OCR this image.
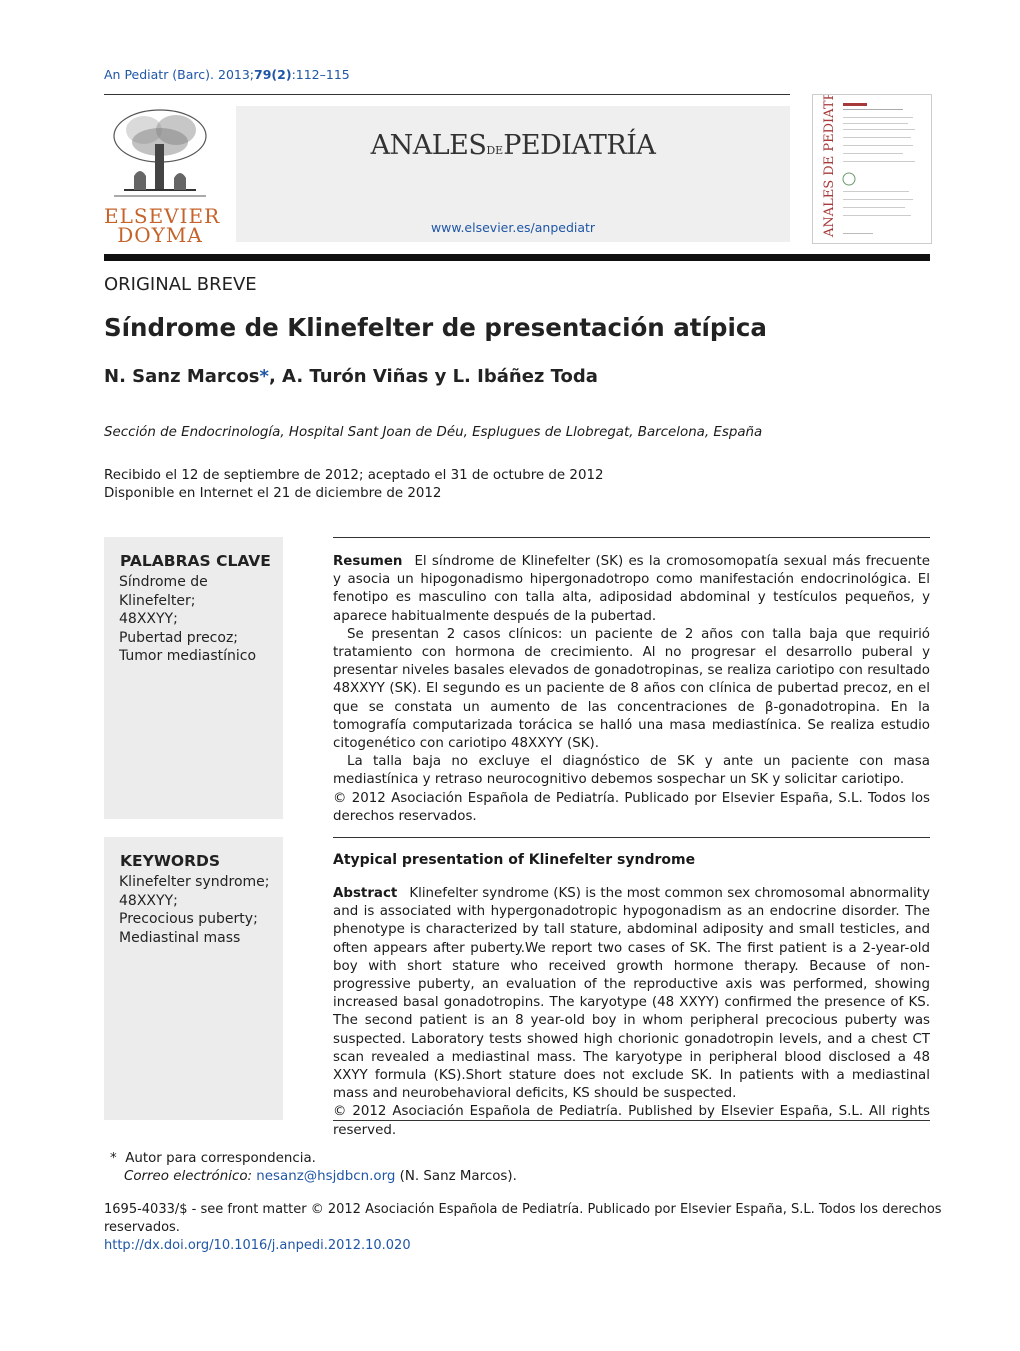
An Pediatr (Barc). 2013;79(2):112–115
ELSEVIER
DOYMA
ANALESDEPEDIATRÍA
www.elsevier.es/anpediatr	ANALES DE PEDIATRÍA
ORIGINAL BREVE
Síndrome de Klinefelter de presentación atípica
N. Sanz Marcos*, A. Turón Viñas y L. Ibáñez Toda
Sección de Endocrinología, Hospital Sant Joan de Déu, Esplugues de Llobregat, Barcelona, España
Recibido el 12 de septiembre de 2012; aceptado el 31 de octubre de 2012
Disponible en Internet el 21 de diciembre de 2012
PALABRAS CLAVE
Síndrome de
Klinefelter;
48XXYY;
Pubertad precoz;
Tumor mediastínico

Resumen El síndrome de Klinefelter (SK) es la cromosomopatía sexual más frecuente y asocia un hipogonadismo hipergonadotropo como manifestación endocrinológica. El fenotipo es masculino con talla alta, adiposidad abdominal y testículos pequeños, y aparece habitualmente después de la pubertad.

Se presentan 2 casos clínicos: un paciente de 2 años con talla baja que requirió tratamiento con hormona de crecimiento. Al no progresar el desarrollo puberal y presentar niveles basales elevados de gonadotropinas, se realiza cariotipo con resultado 48XXYY (SK). El segundo es un paciente de 8 años con clínica de pubertad precoz, en el que se constata un aumento de las concentraciones de β-gonadotropina. En la tomografía computarizada torácica se halló una masa mediastínica. Se realiza estudio citogenético con cariotipo 48XXYY (SK).

La talla baja no excluye el diagnóstico de SK y ante un paciente con masa mediastínica y retraso neurocognitivo debemos sospechar un SK y solicitar cariotipo.

© 2012 Asociación Española de Pediatría. Publicado por Elsevier España, S.L. Todos los derechos reservados.

KEYWORDS
Klinefelter syndrome;
48XXYY;
Precocious puberty;
Mediastinal mass
Atypical presentation of Klinefelter syndrome

Abstract Klinefelter syndrome (KS) is the most common sex chromosomal abnormality and is associated with hypergonadotropic hypogonadism as an endocrine disorder. The phenotype is characterized by tall stature, abdominal adiposity and small testicles, and often appears after puberty.We report two cases of SK. The first patient is a 2-year-old boy with short stature who received growth hormone therapy. Because of non-progressive puberty, an evaluation of the reproductive axis was performed, showing increased basal gonadotropins. The karyotype (48 XXYY) confirmed the presence of KS. The second patient is an 8 year-old boy in whom peripheral precocious puberty was suspected. Laboratory tests showed high chorionic gonadotropin levels, and a chest CT scan revealed a mediastinal mass. The karyotype in peripheral blood disclosed a 48 XXYY formula (KS).Short stature does not exclude SK. In patients with a mediastinal mass and neurobehavioral deficits, KS should be suspected.

© 2012 Asociación Española de Pediatría. Published by Elsevier España, S.L. All rights reserved.

* Autor para correspondencia.
Correo electrónico: nesanz@hsjdbcn.org (N. Sanz Marcos).
1695-4033/$ - see front matter © 2012 Asociación Española de Pediatría. Publicado por Elsevier España, S.L. Todos los derechos reservados.
http://dx.doi.org/10.1016/j.anpedi.2012.10.020
